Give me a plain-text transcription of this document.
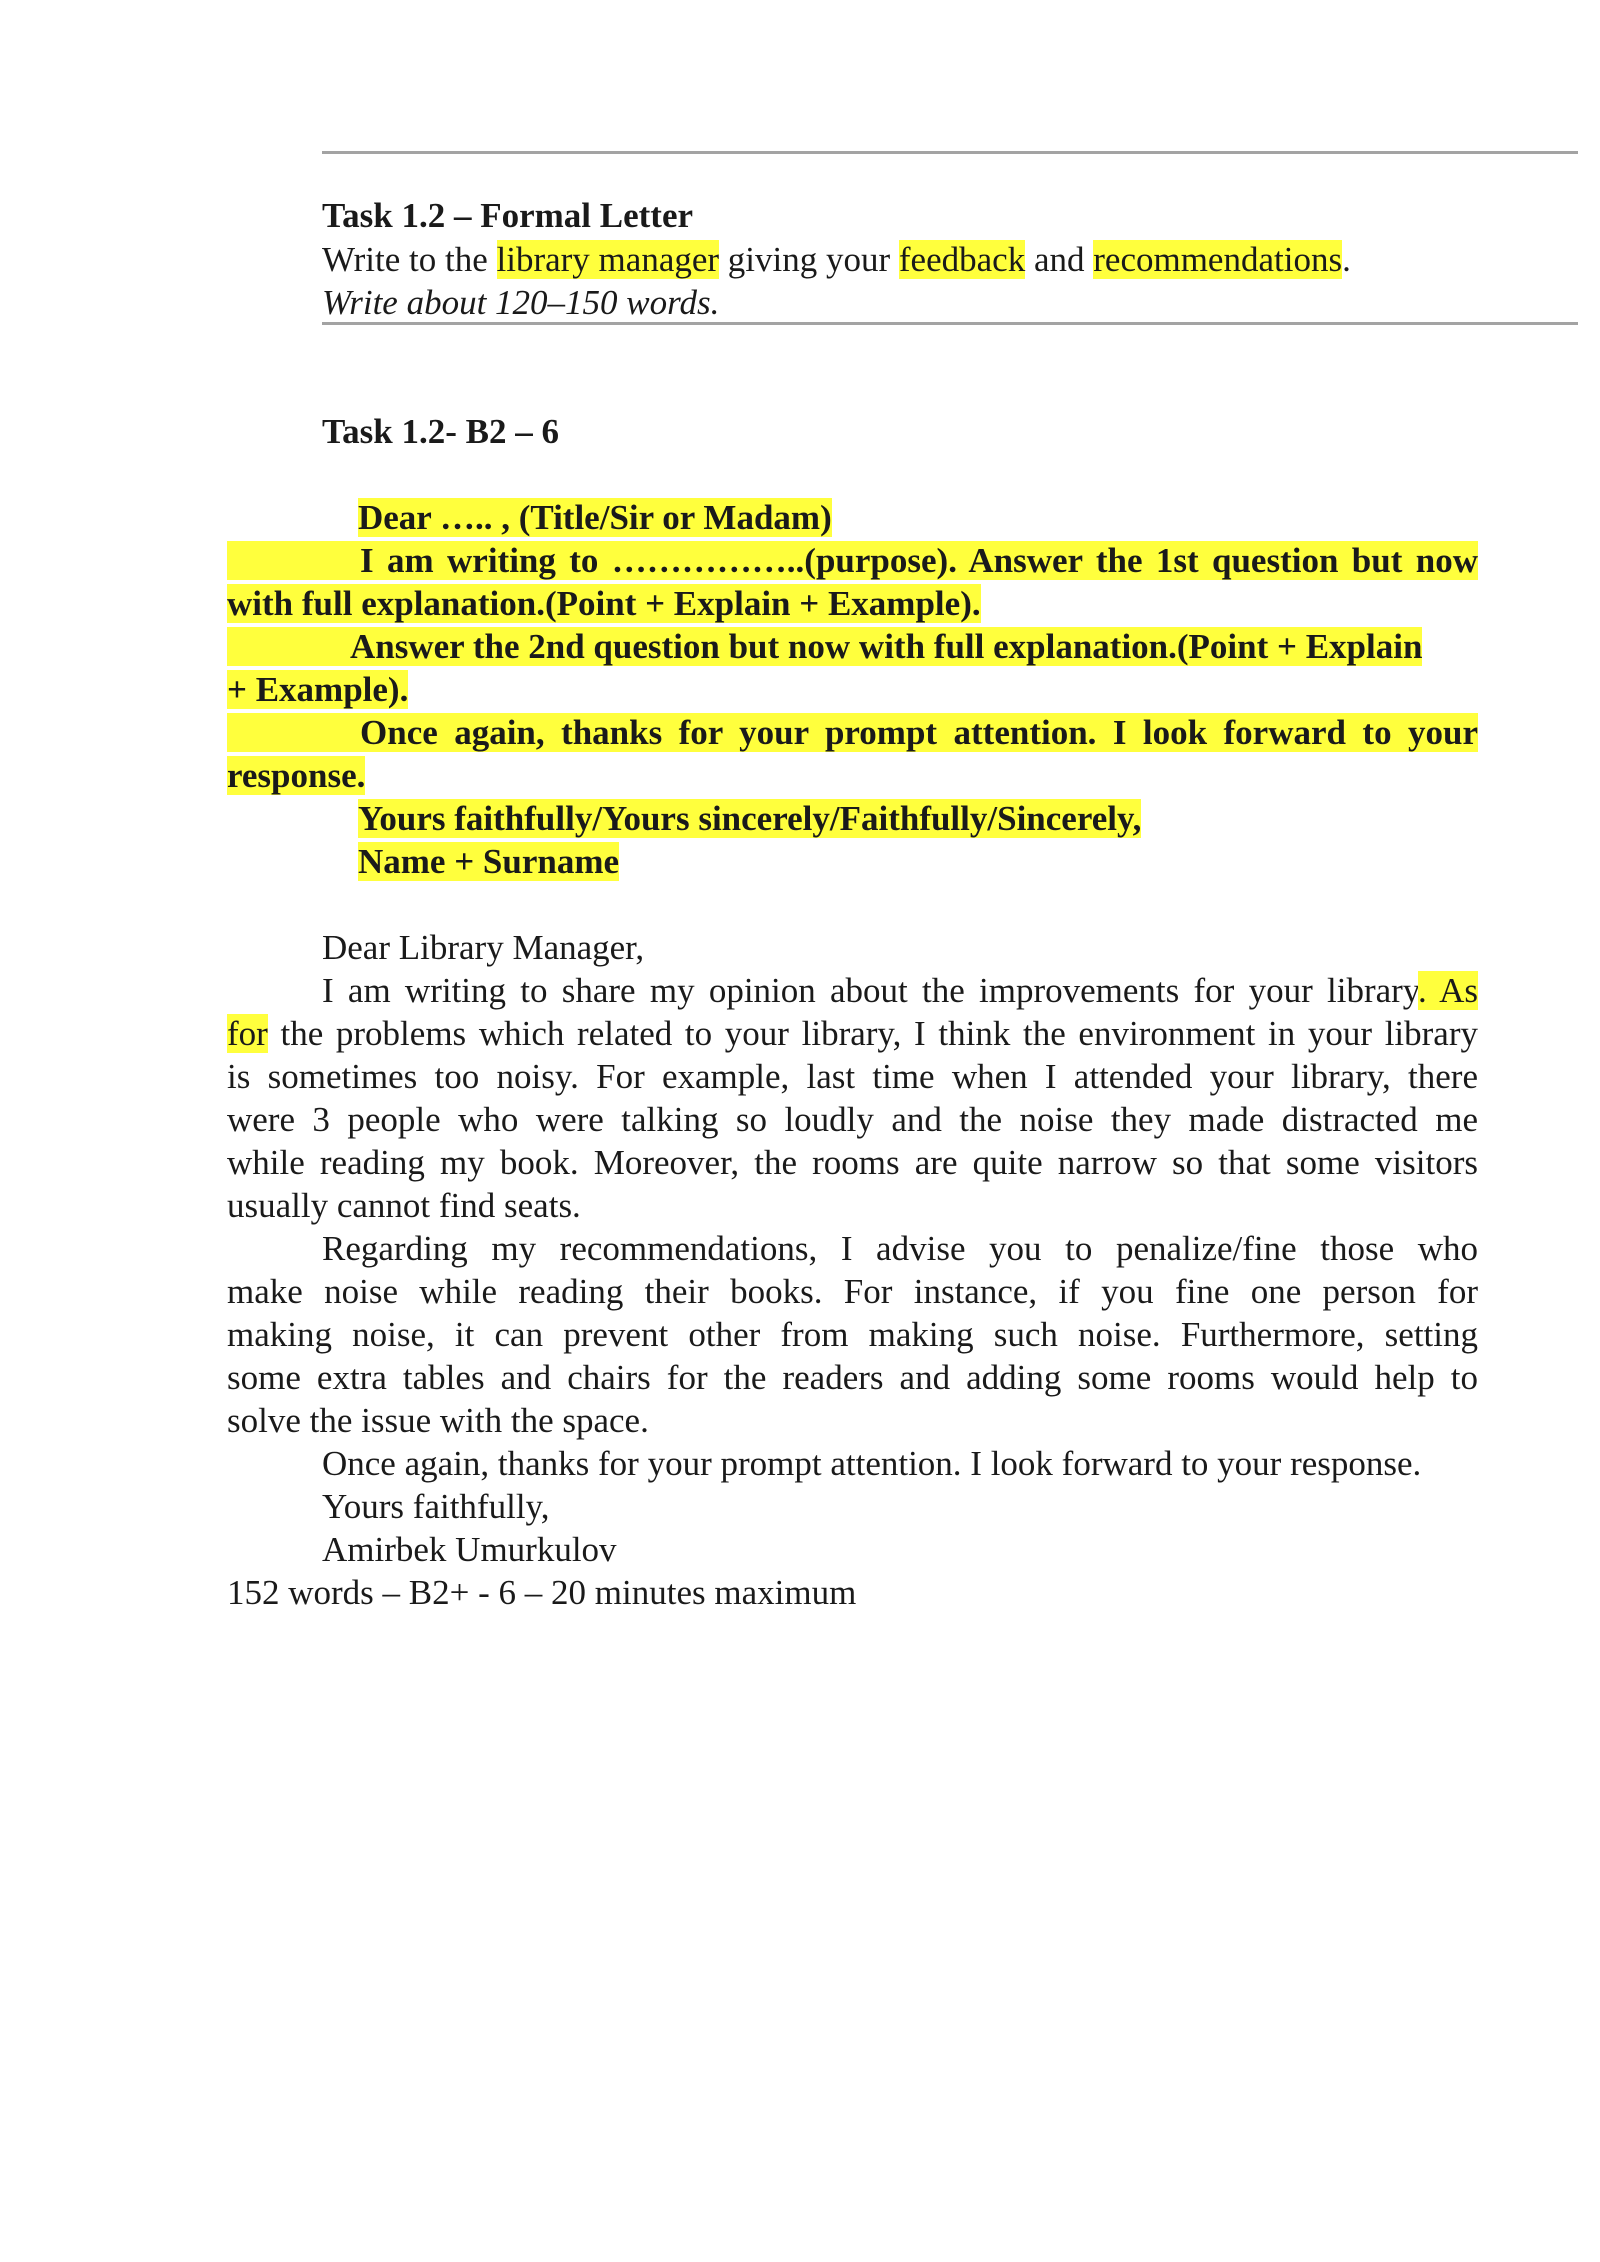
Task 1.2 – Formal Letter
Write to the library manager giving your feedback and recommendations.
Write about 120–150 words.
Task 1.2- B2 – 6
Dear ….. , (Title/Sir or Madam)
I am writing to ……………..(purpose). Answer the 1st question but now
with full explanation.(Point + Explain + Example).
Answer the 2nd question but now with full explanation.(Point + Explain
+ Example).
Once again, thanks for your prompt attention. I look forward to your
response.
Yours faithfully/Yours sincerely/Faithfully/Sincerely,
Name + Surname
Dear Library Manager,
I am writing to share my opinion about the improvements for your library. As
for the problems which related to your library, I think the environment in your library
is sometimes too noisy. For example, last time when I attended your library, there
were 3 people who were talking so loudly and the noise they made distracted me
while reading my book. Moreover, the rooms are quite narrow so that some visitors
usually cannot find seats.
Regarding my recommendations, I advise you to penalize/fine those who
make noise while reading their books. For instance, if you fine one person for
making noise, it can prevent other from making such noise. Furthermore, setting
some extra tables and chairs for the readers and adding some rooms would help to
solve the issue with the space.
Once again, thanks for your prompt attention. I look forward to your response.
Yours faithfully,
Amirbek Umurkulov
152 words – B2+ - 6 – 20 minutes maximum
